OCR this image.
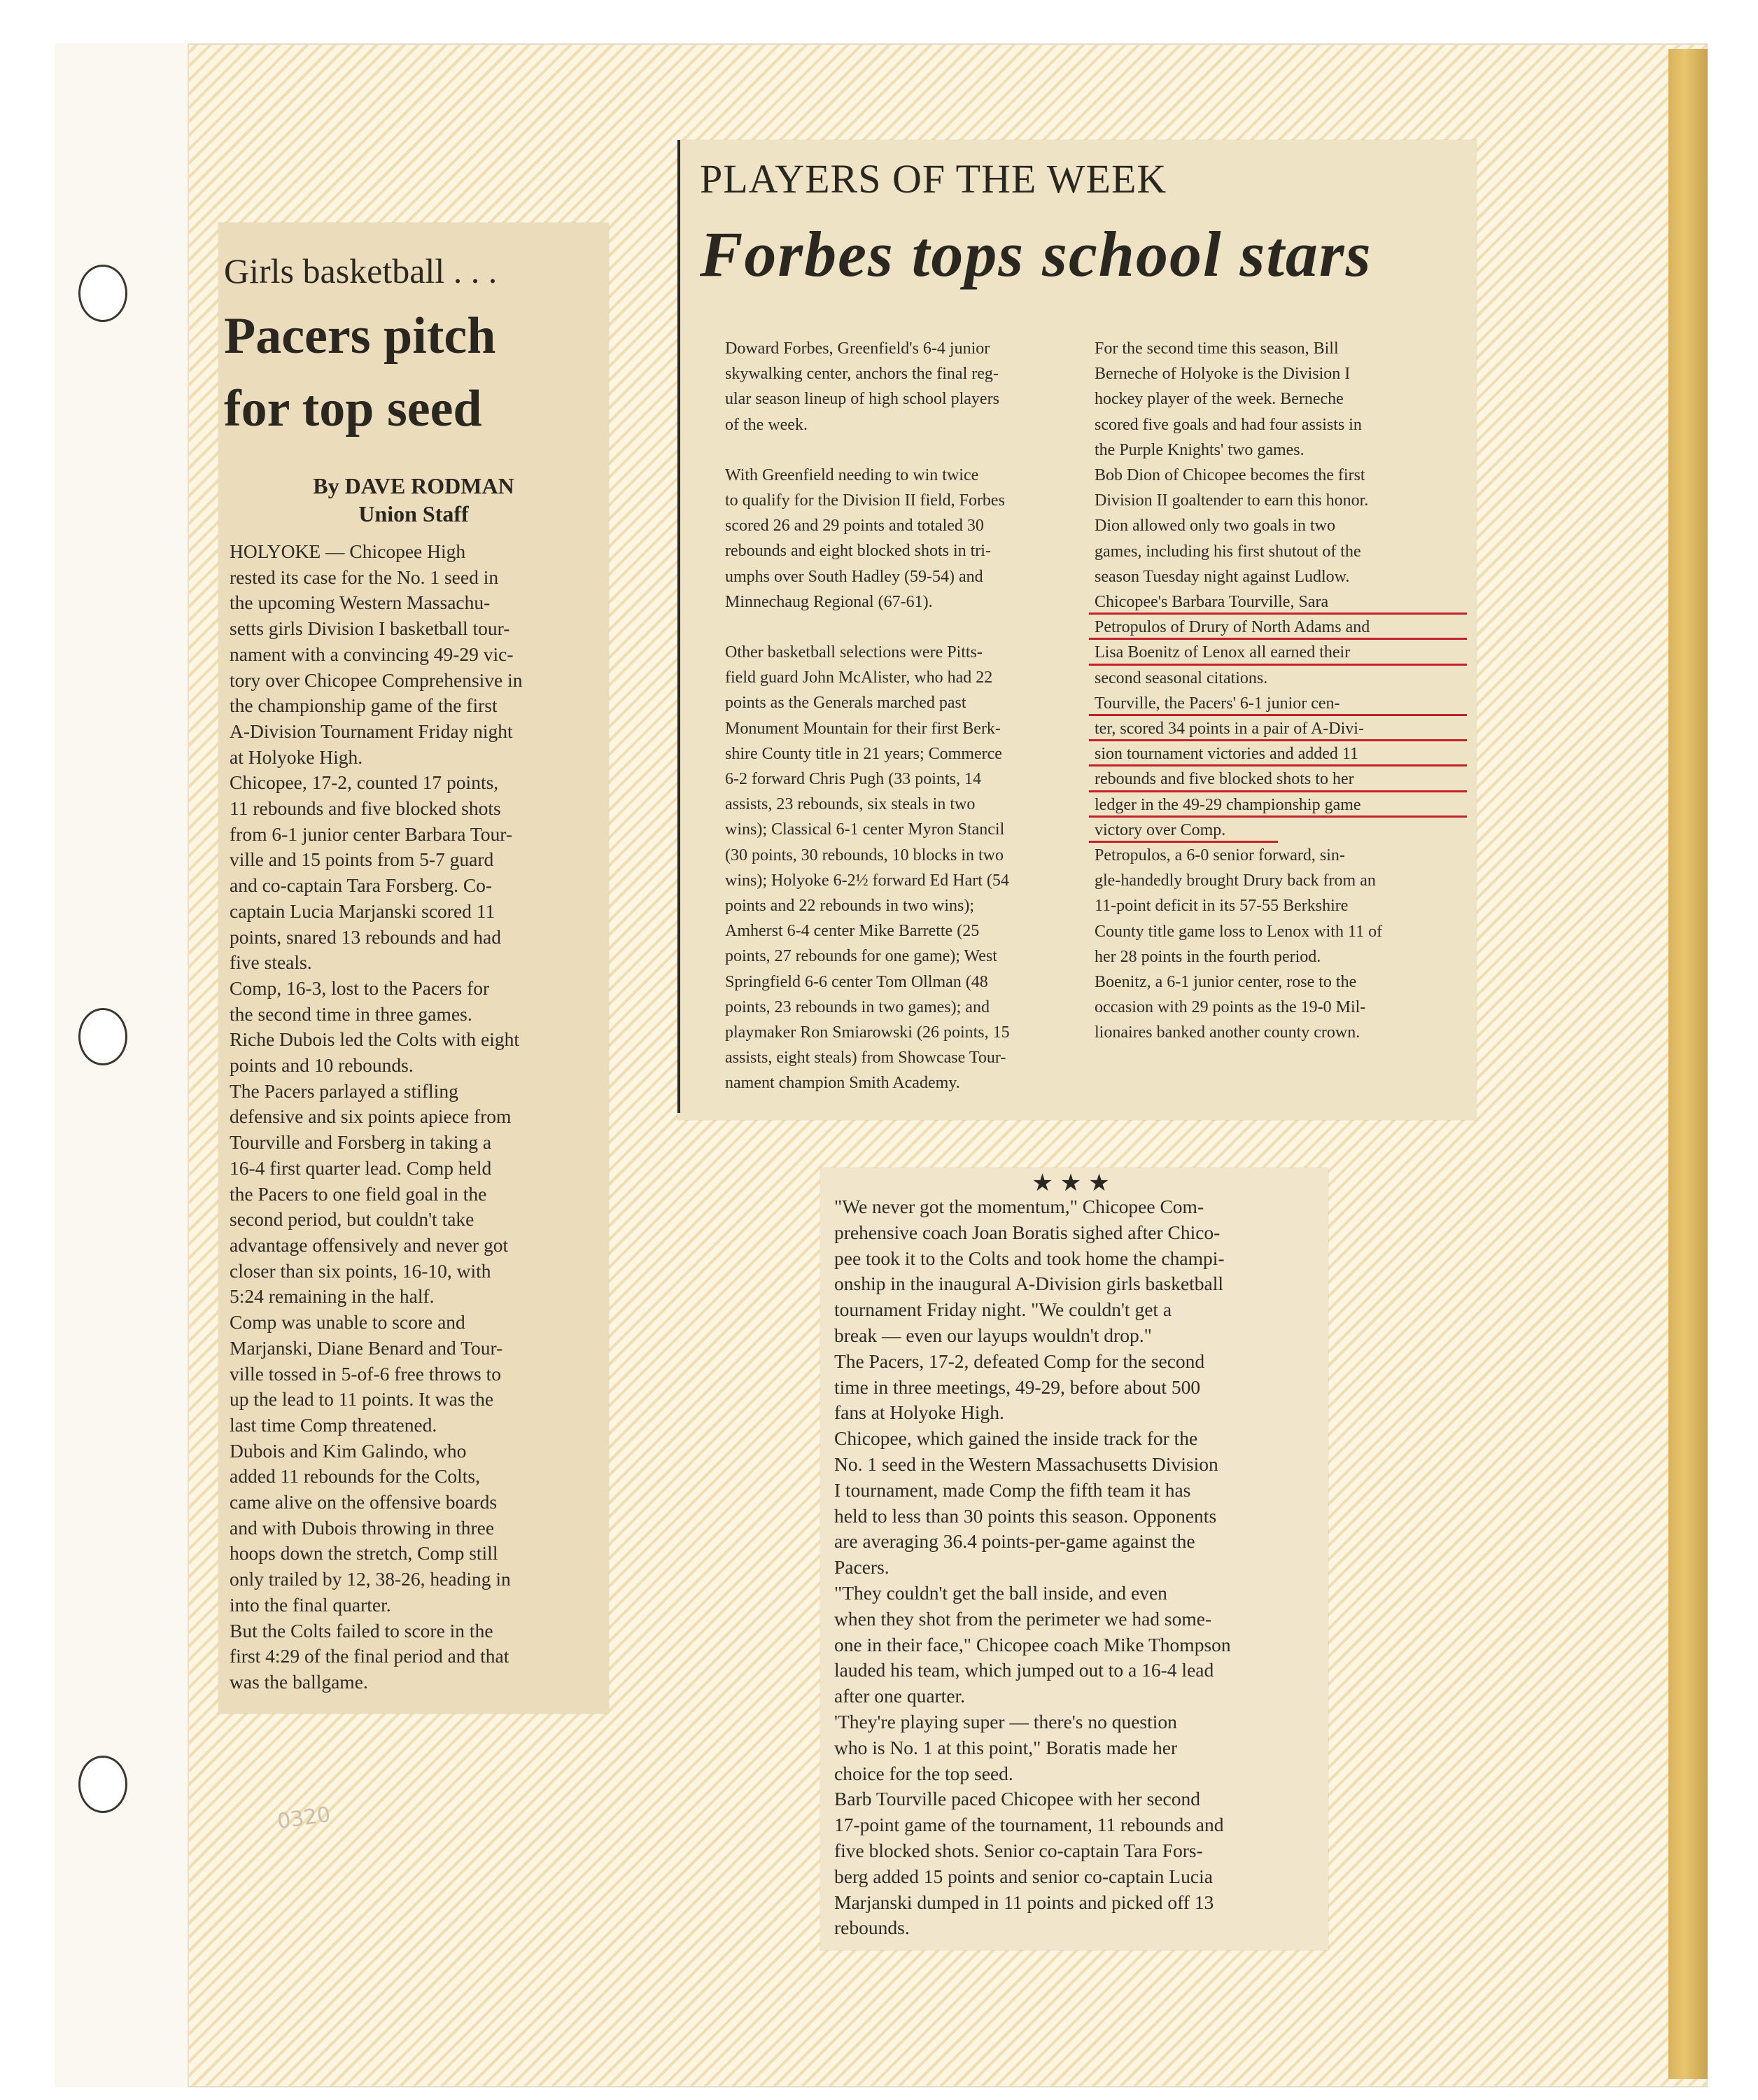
0320
Girls basketball . . .
Pacers pitch
for top seed
By DAVE RODMAN
Union Staff
HOLYOKE — Chicopee High
rested its case for the No. 1 seed in
the upcoming Western Massachu-
setts girls Division I basketball tour-
nament with a convincing 49-29 vic-
tory over Chicopee Comprehensive in
the championship game of the first
A-Division Tournament Friday night
at Holyoke High.
Chicopee, 17-2, counted 17 points,
11 rebounds and five blocked shots
from 6-1 junior center Barbara Tour-
ville and 15 points from 5-7 guard
and co-captain Tara Forsberg. Co-
captain Lucia Marjanski scored 11
points, snared 13 rebounds and had
five steals.
Comp, 16-3, lost to the Pacers for
the second time in three games.
Riche Dubois led the Colts with eight
points and 10 rebounds.
The Pacers parlayed a stifling
defensive and six points apiece from
Tourville and Forsberg in taking a
16-4 first quarter lead. Comp held
the Pacers to one field goal in the
second period, but couldn't take
advantage offensively and never got
closer than six points, 16-10, with
5:24 remaining in the half.
Comp was unable to score and
Marjanski, Diane Benard and Tour-
ville tossed in 5-of-6 free throws to
up the lead to 11 points. It was the
last time Comp threatened.
Dubois and Kim Galindo, who
added 11 rebounds for the Colts,
came alive on the offensive boards
and with Dubois throwing in three
hoops down the stretch, Comp still
only trailed by 12, 38-26, heading in
into the final quarter.
But the Colts failed to score in the
first 4:29 of the final period and that
was the ballgame.
PLAYERS OF THE WEEK
Forbes tops school stars
Doward Forbes, Greenfield's 6-4 junior
skywalking center, anchors the final reg-
ular season lineup of high school players
of the week.
With Greenfield needing to win twice
to qualify for the Division II field, Forbes
scored 26 and 29 points and totaled 30
rebounds and eight blocked shots in tri-
umphs over South Hadley (59-54) and
Minnechaug Regional (67-61).
Other basketball selections were Pitts-
field guard John McAlister, who had 22
points as the Generals marched past
Monument Mountain for their first Berk-
shire County title in 21 years; Commerce
6-2 forward Chris Pugh (33 points, 14
assists, 23 rebounds, six steals in two
wins); Classical 6-1 center Myron Stancil
(30 points, 30 rebounds, 10 blocks in two
wins); Holyoke 6-2½ forward Ed Hart (54
points and 22 rebounds in two wins);
Amherst 6-4 center Mike Barrette (25
points, 27 rebounds for one game); West
Springfield 6-6 center Tom Ollman (48
points, 23 rebounds in two games); and
playmaker Ron Smiarowski (26 points, 15
assists, eight steals) from Showcase Tour-
nament champion Smith Academy.
For the second time this season, Bill
Berneche of Holyoke is the Division I
hockey player of the week. Berneche
scored five goals and had four assists in
the Purple Knights' two games.
Bob Dion of Chicopee becomes the first
Division II goaltender to earn this honor.
Dion allowed only two goals in two
games, including his first shutout of the
season Tuesday night against Ludlow.
Chicopee's Barbara Tourville, Sara
Petropulos of Drury of North Adams and
Lisa Boenitz of Lenox all earned their
second seasonal citations.
Tourville, the Pacers' 6-1 junior cen-
ter, scored 34 points in a pair of A-Divi-
sion tournament victories and added 11
rebounds and five blocked shots to her
ledger in the 49-29 championship game
victory over Comp.
Petropulos, a 6-0 senior forward, sin-
gle-handedly brought Drury back from an
11-point deficit in its 57-55 Berkshire
County title game loss to Lenox with 11 of
her 28 points in the fourth period.
Boenitz, a 6-1 junior center, rose to the
occasion with 29 points as the 19-0 Mil-
lionaires banked another county crown.
★★★
"We never got the momentum," Chicopee Com-
prehensive coach Joan Boratis sighed after Chico-
pee took it to the Colts and took home the champi-
onship in the inaugural A-Division girls basketball
tournament Friday night. "We couldn't get a
break — even our layups wouldn't drop."
The Pacers, 17-2, defeated Comp for the second
time in three meetings, 49-29, before about 500
fans at Holyoke High.
Chicopee, which gained the inside track for the
No. 1 seed in the Western Massachusetts Division
I tournament, made Comp the fifth team it has
held to less than 30 points this season. Opponents
are averaging 36.4 points-per-game against the
Pacers.
"They couldn't get the ball inside, and even
when they shot from the perimeter we had some-
one in their face," Chicopee coach Mike Thompson
lauded his team, which jumped out to a 16-4 lead
after one quarter.
'They're playing super — there's no question
who is No. 1 at this point," Boratis made her
choice for the top seed.
Barb Tourville paced Chicopee with her second
17-point game of the tournament, 11 rebounds and
five blocked shots. Senior co-captain Tara Fors-
berg added 15 points and senior co-captain Lucia
Marjanski dumped in 11 points and picked off 13
rebounds.
